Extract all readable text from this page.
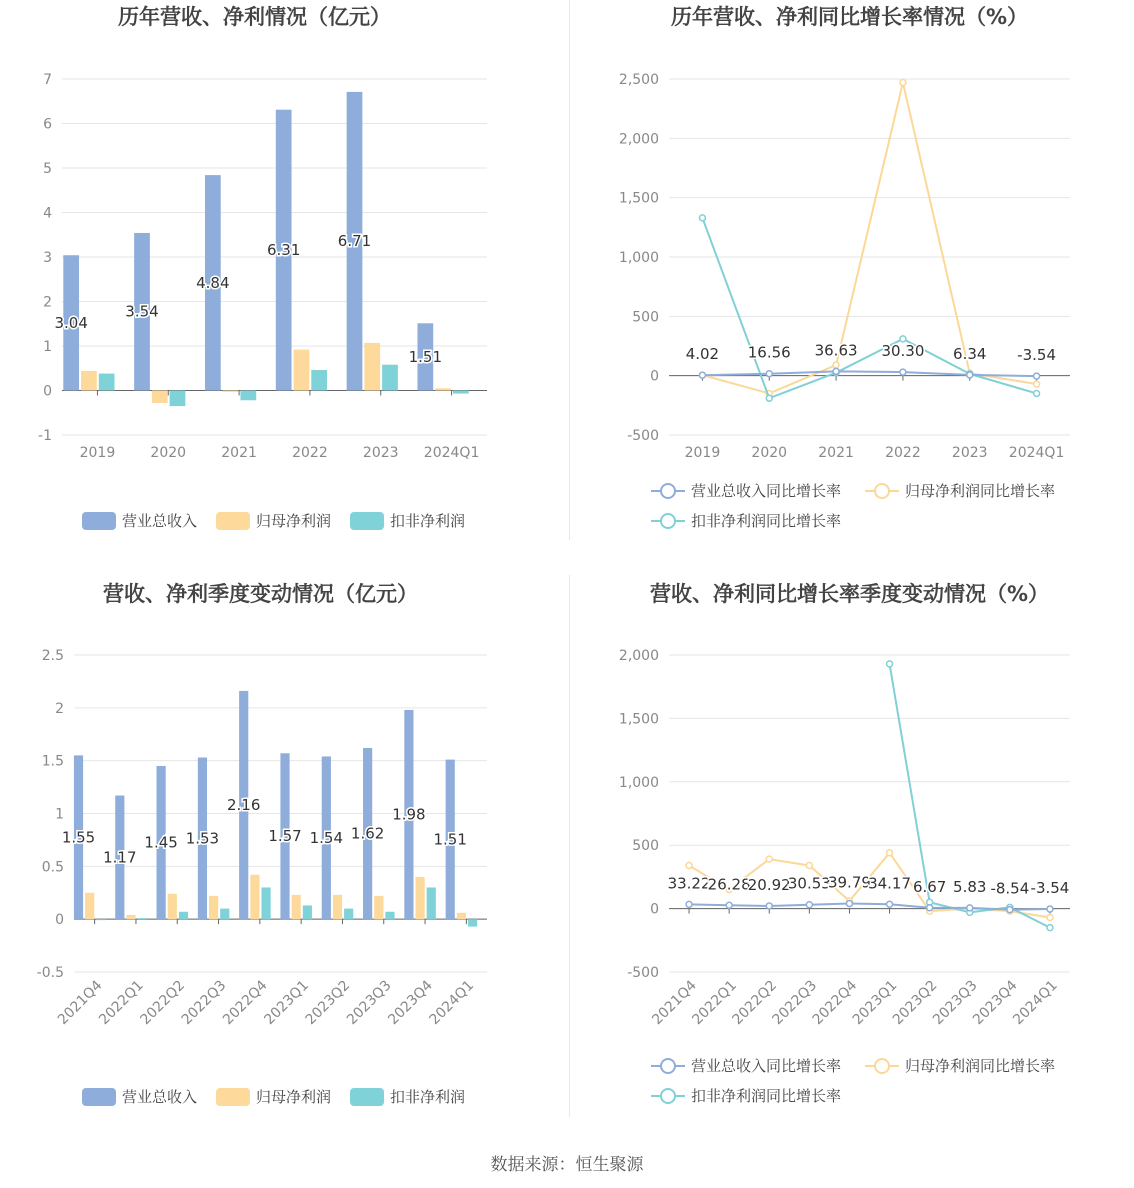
历年营收、净利情况（亿元）
-1
0
1
2
3
4
5
6
7
2019	2020	2021	2022	2023 2024Q1
3.04
3.54
4.84
6.31 6.71
1.51
营业总收入	归母净利润	扣非净利润
历年营收、净利同比增长率情况（%）
-500
0
500
1,000
1,500
2,000
2,500
2019 2020 2021 2022 2023 2024Q1
4.02 16.56 36.63 30.30 6.34 -3.54
营业总收入同比增长率	归母净利润同比增长率
扣非净利润同比增长率
营收、净利季度变动情况（亿元）
-0.5
0
0.5
1
1.5
2
2.5
2021Q4
2022Q1
2022Q2
2022Q3
2022Q4
2023Q1
2023Q2
2023Q3
2023Q4
2024Q1
1.55
1.17
1.45 1.53
2.16
1.57 1.54 1.62
1.98
1.51
营业总收入	归母净利润	扣非净利润
营收、净利同比增长率季度变动情况（%）
-500
0
500
1,000
1,500
2,000
2021Q4
2022Q1
2022Q2
2022Q3
2022Q4
2023Q1
2023Q2
2023Q3
2023Q4
2024Q1
33.22
26.28
20.92
30.53
39.79
34.17 6.67 5.83 -8.54 -3.54
营业总收入同比增长率	归母净利润同比增长率
扣非净利润同比增长率
数据来源：恒生聚源
